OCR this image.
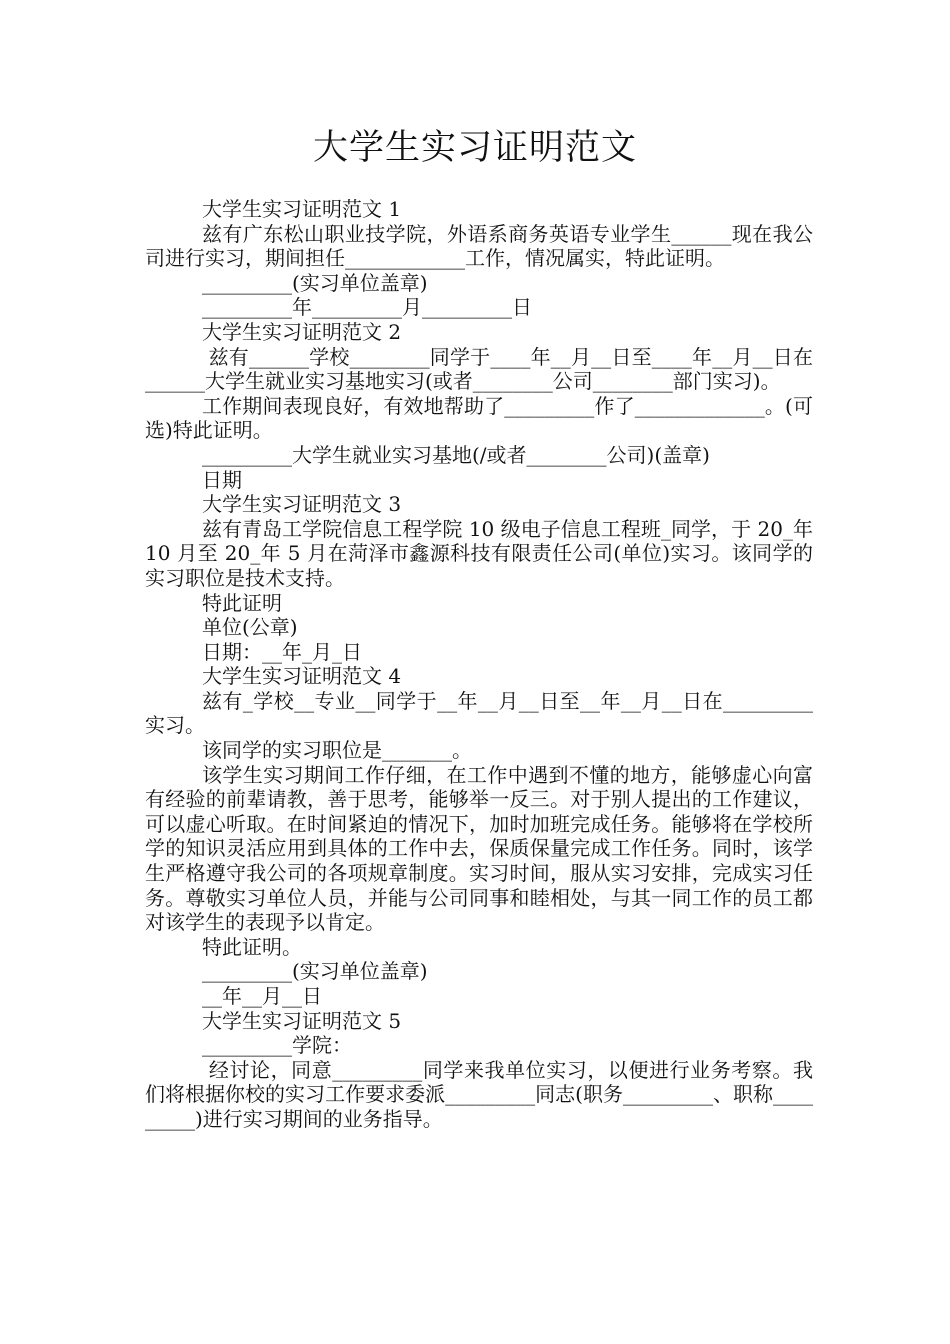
大学生实习证明范文

大学生实习证明范文 1

兹有广东松山职业技学院，外语系商务英语专业学生______现在我公司进行实习，期间担任____________工作，情况属实，特此证明。

_________(实习单位盖章)

_________年_________月_________日

大学生实习证明范文 2

兹有______学校________同学于____年__月__日至____年__月__日在______大学生就业实习基地实习(或者________公司________部门实习)。

工作期间表现良好，有效地帮助了_________作了_____________。(可选)特此证明。

_________大学生就业实习基地(/或者________公司)(盖章)

日期

大学生实习证明范文 3

兹有青岛工学院信息工程学院 10 级电子信息工程班_同学，于 20_年 10 月至 20_年 5 月在菏泽市鑫源科技有限责任公司(单位)实习。该同学的实习职位是技术支持。

特此证明

单位(公章)

日期：__年_月_日

大学生实习证明范文 4

兹有_学校__专业__同学于__年__月__日至__年__月__日在_________实习。

该同学的实习职位是_______。

该学生实习期间工作仔细，在工作中遇到不懂的地方，能够虚心向富有经验的前辈请教，善于思考，能够举一反三。对于别人提出的工作建议，可以虚心听取。在时间紧迫的情况下，加时加班完成任务。能够将在学校所学的知识灵活应用到具体的工作中去，保质保量完成工作任务。同时，该学生严格遵守我公司的各项规章制度。实习时间，服从实习安排，完成实习任务。尊敬实习单位人员，并能与公司同事和睦相处，与其一同工作的员工都对该学生的表现予以肯定。

特此证明。

_________(实习单位盖章)

__年__月__日

大学生实习证明范文 5

_________学院：

经讨论，同意_________同学来我单位实习，以便进行业务考察。我们将根据你校的实习工作要求委派_________同志(职务_________、职称_________)进行实习期间的业务指导。
